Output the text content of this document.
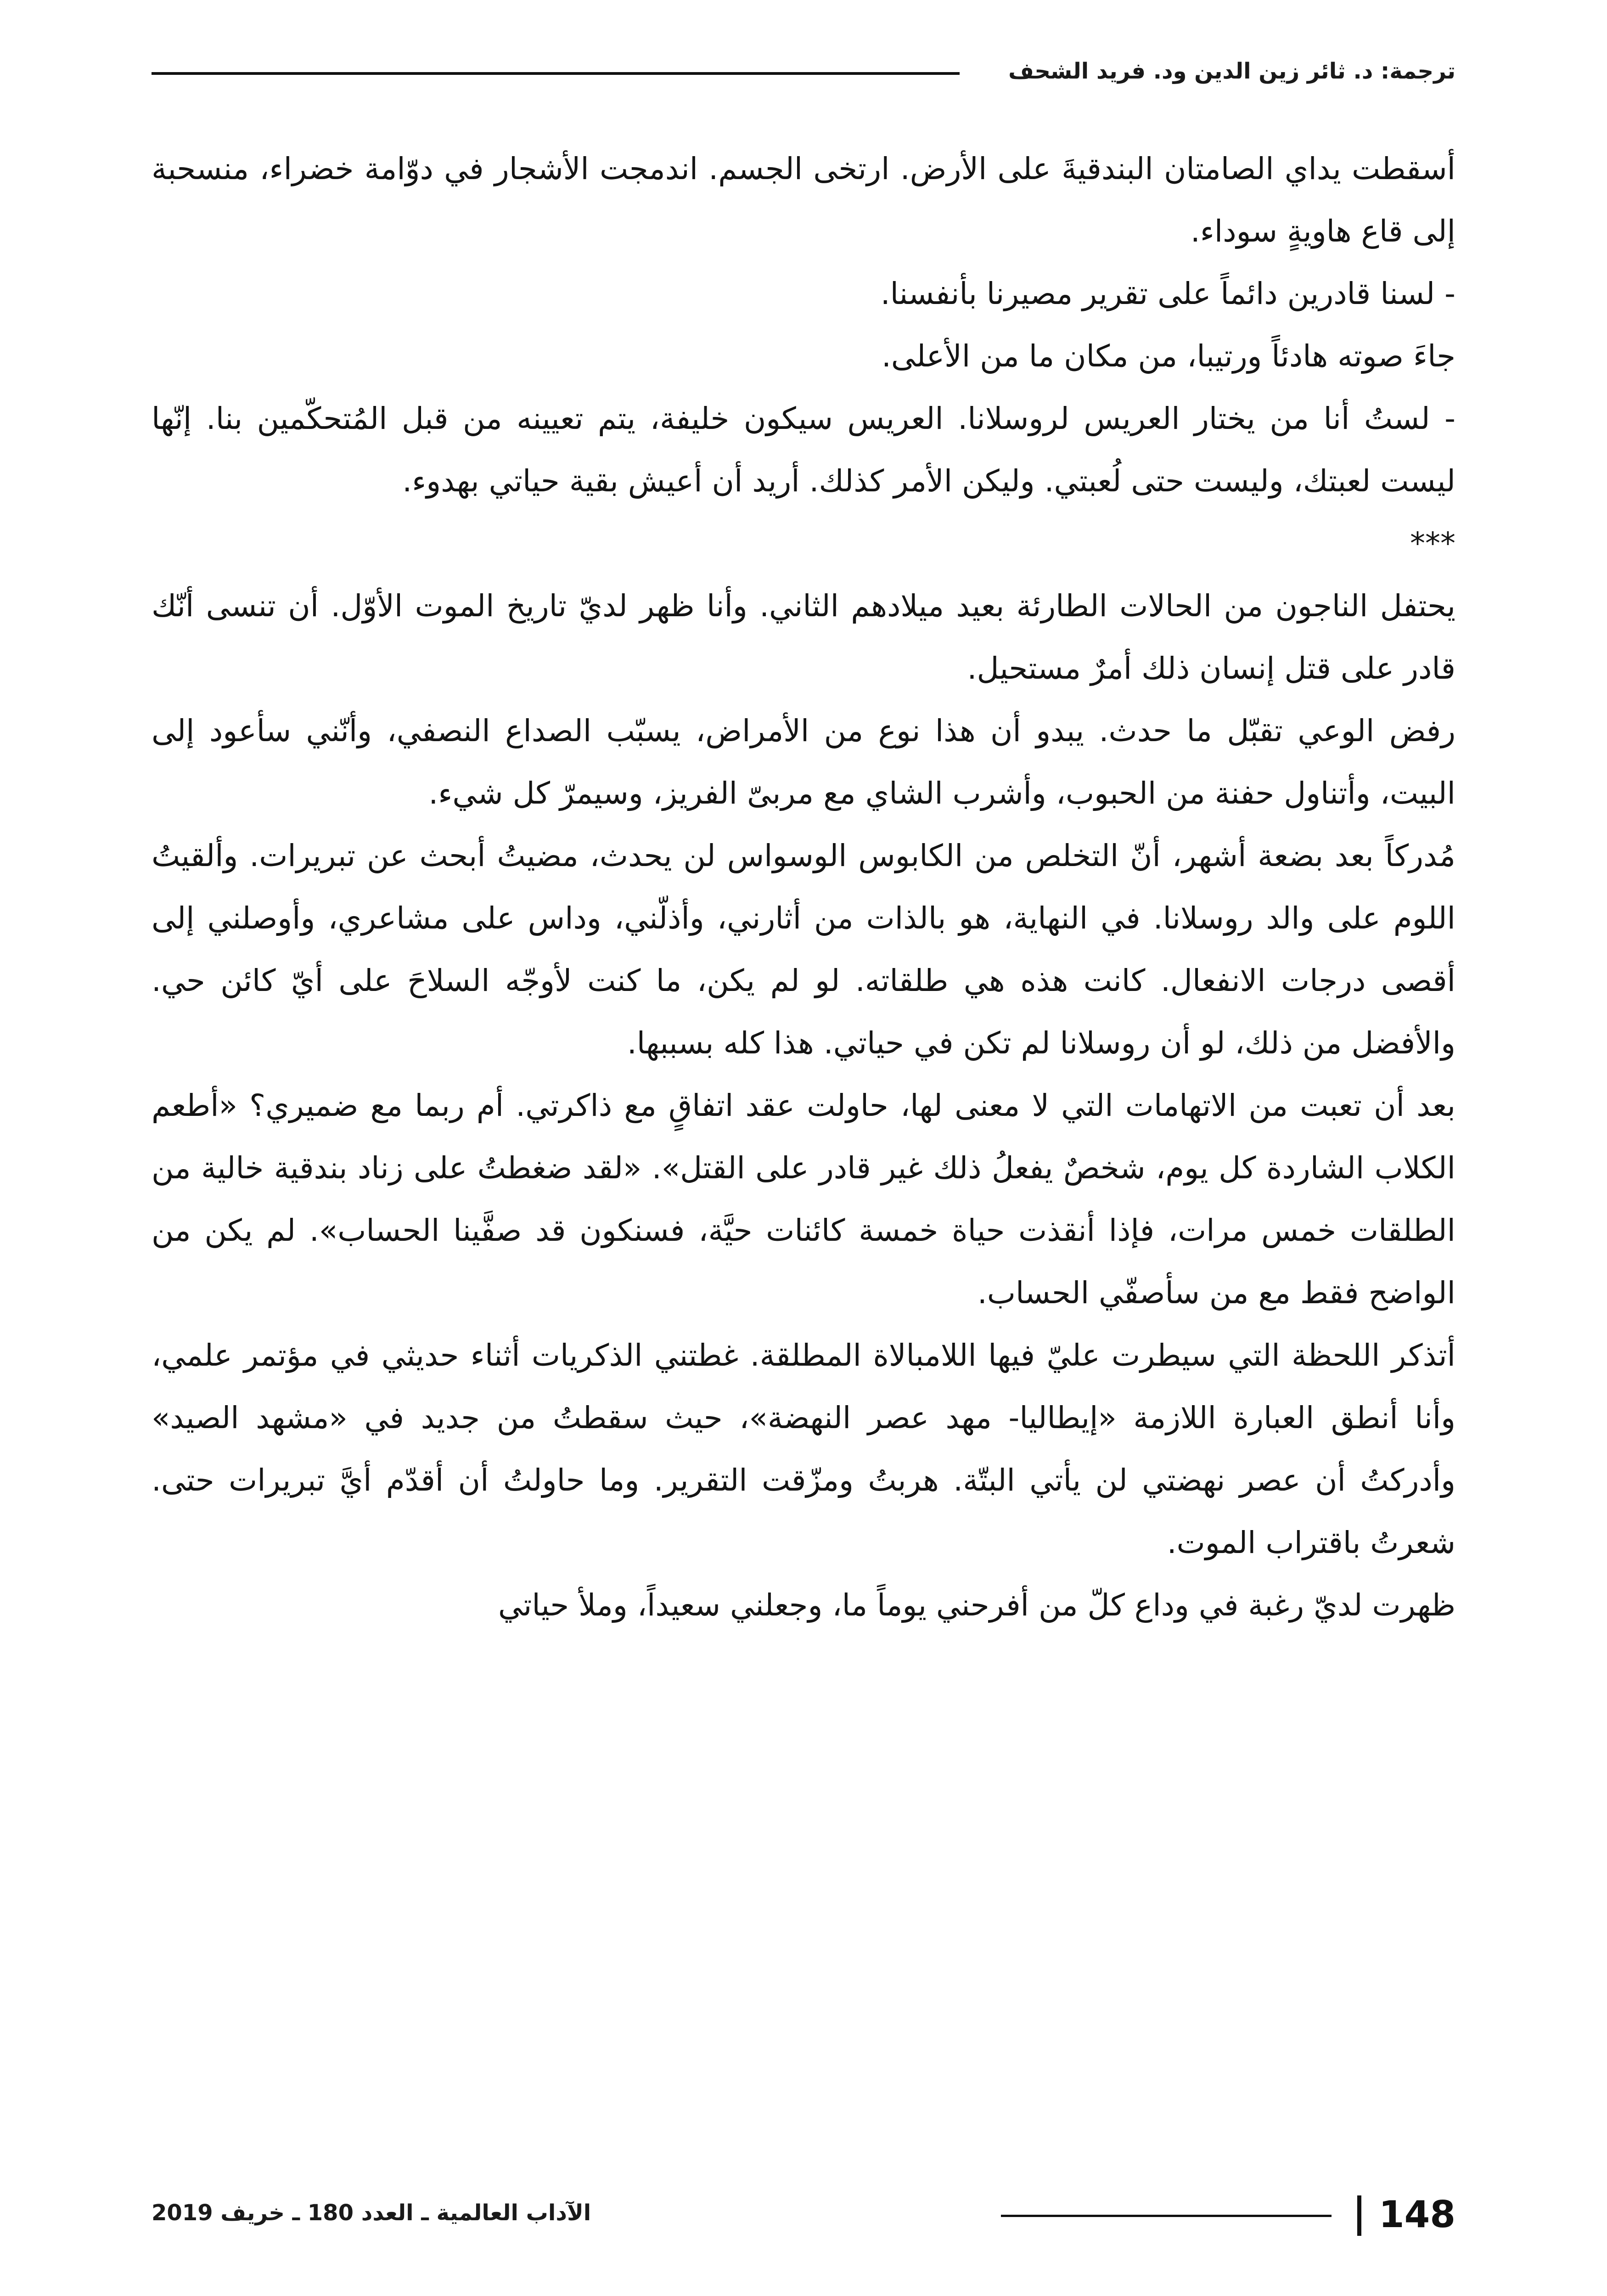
ترجمة: د. ثائر زين الدين ود. فريد الشحف

أسقطت يداي الصامتان البندقيةَ على الأرض. ارتخى الجسم. اندمجت الأشجار في دوّامة خضراء، منسحبة إلى قاع هاويةٍ سوداء.

- لسنا قادرين دائماً على تقرير مصيرنا بأنفسنا.

جاءَ صوته هادئاً ورتيبا، من مكان ما من الأعلى.

- لستُ أنا من يختار العريس لروسلانا. العريس سيكون خليفة، يتم تعيينه من قبل المُتحكّمين بنا. إنّها ليست لعبتك، وليست حتى لُعبتي. وليكن الأمر كذلك. أريد أن أعيش بقية حياتي بهدوء.

***

يحتفل الناجون من الحالات الطارئة بعيد ميلادهم الثاني. وأنا ظهر لديّ تاريخ الموت الأوّل. أن تنسى أنّك قادر على قتل إنسان ذلك أمرٌ مستحيل.

رفض الوعي تقبّل ما حدث. يبدو أن هذا نوع من الأمراض، يسبّب الصداع النصفي، وأنّني سأعود إلى البيت، وأتناول حفنة من الحبوب، وأشرب الشاي مع مربىّ الفريز، وسيمرّ كل شيء.

مُدركاً بعد بضعة أشهر، أنّ التخلص من الكابوس الوسواس لن يحدث، مضيتُ أبحث عن تبريرات. وألقيتُ اللوم على والد روسلانا. في النهاية، هو بالذات من أثارني، وأذلّني، وداس على مشاعري، وأوصلني إلى أقصى درجات الانفعال. كانت هذه هي طلقاته. لو لم يكن، ما كنت لأوجّه السلاحَ على أيّ كائن حي. والأفضل من ذلك، لو أن روسلانا لم تكن في حياتي. هذا كله بسببها.

بعد أن تعبت من الاتهامات التي لا معنى لها، حاولت عقد اتفاقٍ مع ذاكرتي. أم ربما مع ضميري؟ «أطعم الكلاب الشاردة كل يوم، شخصٌ يفعلُ ذلك غير قادر على القتل». «لقد ضغطتُ على زناد بندقية خالية من الطلقات خمس مرات، فإذا أنقذت حياة خمسة كائنات حيَّة، فسنكون قد صفَّينا الحساب». لم يكن من الواضح فقط مع من سأصفّي الحساب.

أتذكر اللحظة التي سيطرت عليّ فيها اللامبالاة المطلقة. غطتني الذكريات أثناء حديثي في مؤتمر علمي، وأنا أنطق العبارة اللازمة «إيطاليا- مهد عصر النهضة»، حيث سقطتُ من جديد في «مشهد الصيد» وأدركتُ أن عصر نهضتي لن يأتي البتّة. هربتُ ومزّقت التقرير. وما حاولتُ أن أقدّم أيَّ تبريرات حتى. شعرتُ باقتراب الموت.

ظهرت لديّ رغبة في وداع كلّ من أفرحني يوماً ما، وجعلني سعيداً، وملأ حياتي

148
الآداب العالمية ـ العدد 180 ـ خريف 2019
